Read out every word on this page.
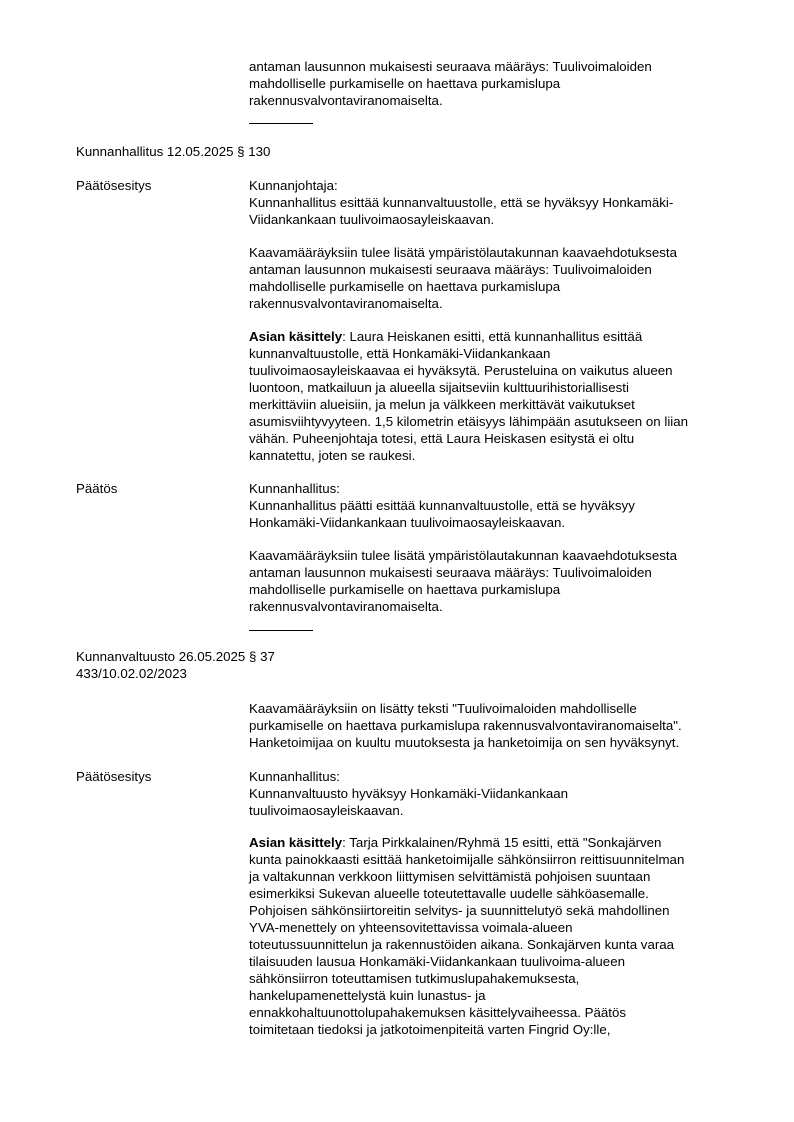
antaman lausunnon mukaisesti seuraava määräys: Tuulivoimaloiden
mahdolliselle purkamiselle on haettava purkamislupa
rakennusvalvontaviranomaiselta.
Kunnanhallitus 12.05.2025 § 130
Päätösesitys	Kunnanjohtaja:
Kunnanhallitus esittää kunnanvaltuustolle, että se hyväksyy Honkamäki-
Viidankankaan tuulivoimaosayleiskaavan.
Kaavamääräyksiin tulee lisätä ympäristölautakunnan kaavaehdotuksesta
antaman lausunnon mukaisesti seuraava määräys: Tuulivoimaloiden
mahdolliselle purkamiselle on haettava purkamislupa
rakennusvalvontaviranomaiselta.
Asian käsittely: Laura Heiskanen esitti, että kunnanhallitus esittää
kunnanvaltuustolle, että Honkamäki-Viidankankaan
tuulivoimaosayleiskaavaa ei hyväksytä. Perusteluina on vaikutus alueen
luontoon, matkailuun ja alueella sijaitseviin kulttuurihistoriallisesti
merkittäviin alueisiin, ja melun ja välkkeen merkittävät vaikutukset
asumisviihtyvyyteen. 1,5 kilometrin etäisyys lähimpään asutukseen on liian
vähän. Puheenjohtaja totesi, että Laura Heiskasen esitystä ei oltu
kannatettu, joten se raukesi.
Päätös	Kunnanhallitus:
Kunnanhallitus päätti esittää kunnanvaltuustolle, että se hyväksyy
Honkamäki-Viidankankaan tuulivoimaosayleiskaavan.
Kaavamääräyksiin tulee lisätä ympäristölautakunnan kaavaehdotuksesta
antaman lausunnon mukaisesti seuraava määräys: Tuulivoimaloiden
mahdolliselle purkamiselle on haettava purkamislupa
rakennusvalvontaviranomaiselta.
Kunnanvaltuusto 26.05.2025 § 37
433/10.02.02/2023
Kaavamääräyksiin on lisätty teksti "Tuulivoimaloiden mahdolliselle
purkamiselle on haettava purkamislupa rakennusvalvontaviranomaiselta".
Hanketoimijaa on kuultu muutoksesta ja hanketoimija on sen hyväksynyt.
Päätösesitys	Kunnanhallitus:
Kunnanvaltuusto hyväksyy Honkamäki-Viidankankaan
tuulivoimaosayleiskaavan.
Asian käsittely: Tarja Pirkkalainen/Ryhmä 15 esitti, että "Sonkajärven
kunta painokkaasti esittää hanketoimijalle sähkönsiirron reittisuunnitelman
ja valtakunnan verkkoon liittymisen selvittämistä pohjoisen suuntaan
esimerkiksi Sukevan alueelle toteutettavalle uudelle sähköasemalle.
Pohjoisen sähkönsiirtoreitin selvitys- ja suunnittelutyö sekä mahdollinen
YVA-menettely on yhteensovitettavissa voimala-alueen
toteutussuunnittelun ja rakennustöiden aikana. Sonkajärven kunta varaa
tilaisuuden lausua Honkamäki-Viidankankaan tuulivoima-alueen
sähkönsiirron toteuttamisen tutkimuslupahakemuksesta,
hankelupamenettelystä kuin lunastus- ja
ennakkohaltuunottolupahakemuksen käsittelyvaiheessa. Päätös
toimitetaan tiedoksi ja jatkotoimenpiteitä varten Fingrid Oy:lle,
